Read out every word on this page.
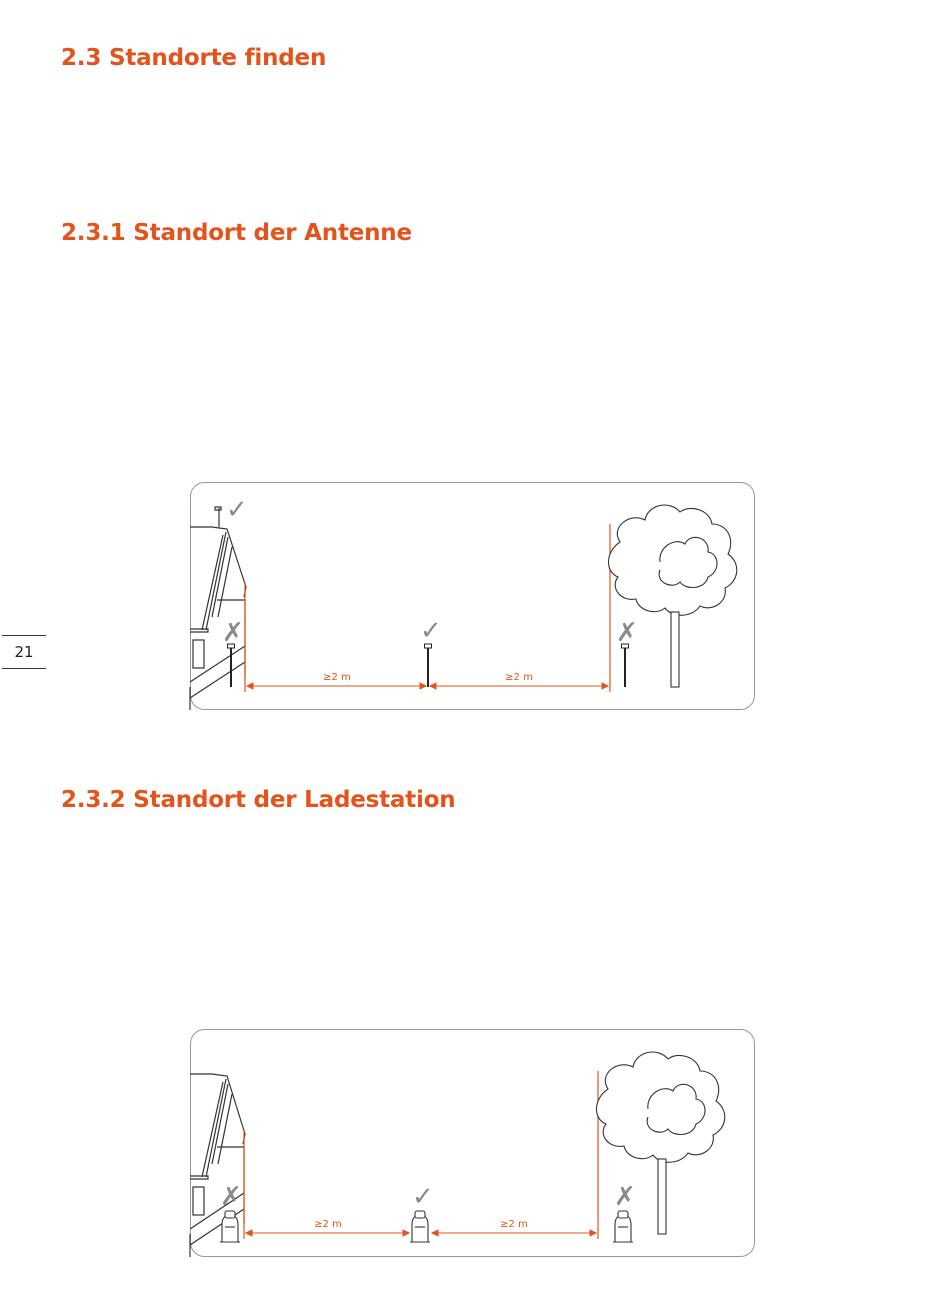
2.3 Standorte finden
2.3.1 Standort der Antenne
2.3.2 Standort der Ladestation
21
✓
✗	✓	✗
≥2 m	≥2 m
✗	✓	✗
≥2 m	≥2 m
